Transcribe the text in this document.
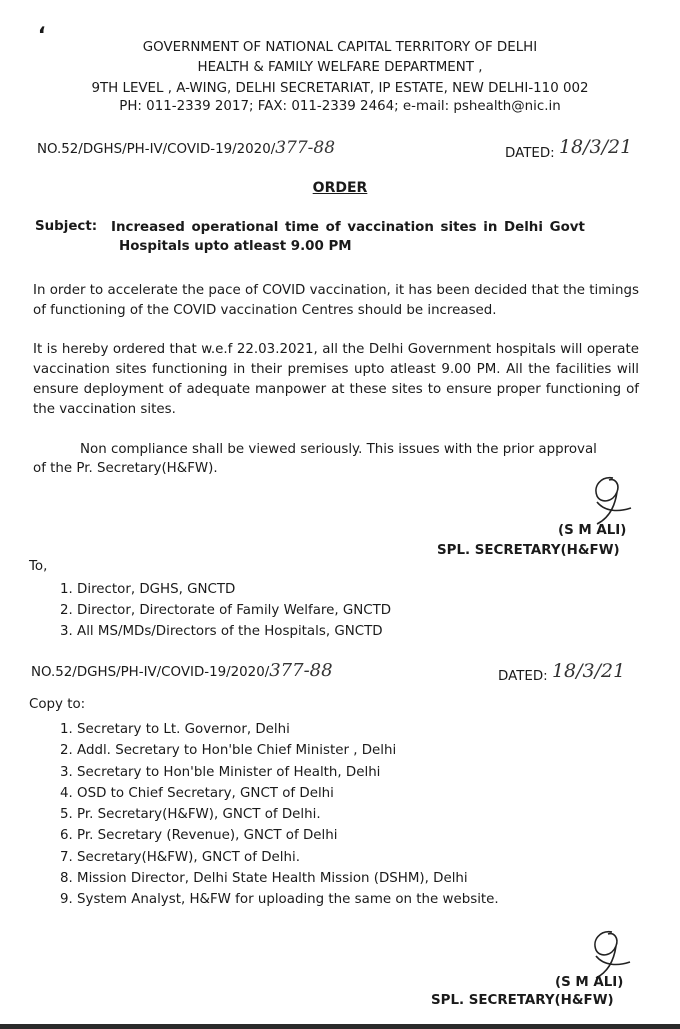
،
GOVERNMENT OF NATIONAL CAPITAL TERRITORY OF DELHI
HEALTH & FAMILY WELFARE DEPARTMENT ,
9TH LEVEL , A-WING, DELHI SECRETARIAT, IP ESTATE, NEW DELHI-110 002
PH: 011-2339 2017; FAX: 011-2339 2464; e-mail: pshealth@nic.in
NO.52/DGHS/PH-IV/COVID-19/2020/377-88	DATED: 18/3/21
ORDER
Subject: Increased operational time of vaccination sites in Delhi Govt
Hospitals upto atleast 9.00 PM
In order to accelerate the pace of COVID vaccination, it has been decided that the timings of functioning of the COVID vaccination Centres should be increased.
It is hereby ordered that w.e.f 22.03.2021, all the Delhi Government hospitals will operate vaccination sites functioning in their premises upto atleast 9.00 PM. All the facilities will ensure deployment of adequate manpower at these sites to ensure proper functioning of the vaccination sites.
Non compliance shall be viewed seriously. This issues with the prior approval
of the Pr. Secretary(H&FW).
(S M ALI)
SPL. SECRETARY(H&FW)
To,
1. Director, DGHS, GNCTD
2. Director, Directorate of Family Welfare, GNCTD
3. All MS/MDs/Directors of the Hospitals, GNCTD
NO.52/DGHS/PH-IV/COVID-19/2020/377-88	DATED: 18/3/21
Copy to:
1. Secretary to Lt. Governor, Delhi
2. Addl. Secretary to Hon'ble Chief Minister , Delhi
3. Secretary to Hon'ble Minister of Health, Delhi
4. OSD to Chief Secretary, GNCT of Delhi
5. Pr. Secretary(H&FW), GNCT of Delhi.
6. Pr. Secretary (Revenue), GNCT of Delhi
7. Secretary(H&FW), GNCT of Delhi.
8. Mission Director, Delhi State Health Mission (DSHM), Delhi
9. System Analyst, H&FW for uploading the same on the website.
(S M ALI)
SPL. SECRETARY(H&FW)
